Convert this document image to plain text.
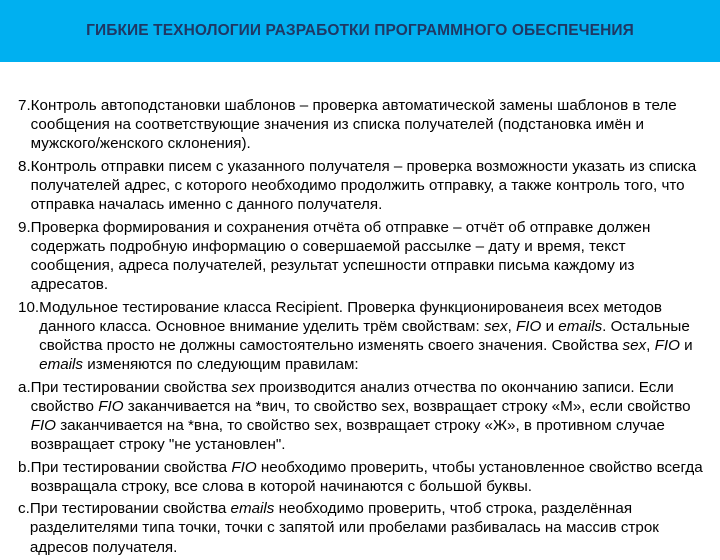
ГИБКИЕ ТЕХНОЛОГИИ РАЗРАБОТКИ ПРОГРАММНОГО ОБЕСПЕЧЕНИЯ
7. Контроль автоподстановки шаблонов – проверка автоматической замены шаблонов в теле сообщения на соответствующие значения из списка получателей (подстановка имён и мужского/женского склонения).
8. Контроль отправки писем с указанного получателя – проверка возможности указать из списка получателей адрес, с которого необходимо продолжить отправку, а также контроль того, что отправка началась именно с данного получателя.
9. Проверка формирования и сохранения отчёта об отправке – отчёт об отправке должен содержать подробную информацию о совершаемой рассылке – дату и время, текст сообщения, адреса получателей, результат успешности отправки письма каждому из адресатов.
10. Модульное тестирование класса Recipient. Проверка функционированеия всех методов данного класса. Основное внимание уделить трём свойствам: sex, FIO и emails. Остальные свойства просто не должны самостоятельно изменять своего значения. Свойства sex, FIO и emails изменяются по следующим правилам:
a. При тестировании свойства sex производится анализ отчества по окончанию записи. Если свойство FIO заканчивается на *вич, то свойство sex, возвращает строку «М», если свойство FIO заканчивается на *вна, то свойство sex, возвращает строку «Ж», в противном случае возвращает строку "не установлен".
b. При тестировании свойства FIO необходимо проверить, чтобы установленное свойство всегда возвращала строку, все слова в которой начинаются с большой буквы.
c. При тестировании свойства emails необходимо проверить, чтоб строка, разделённая разделителями типа точки, точки с запятой или пробелами разбивалась на массив строк адресов получателя.
